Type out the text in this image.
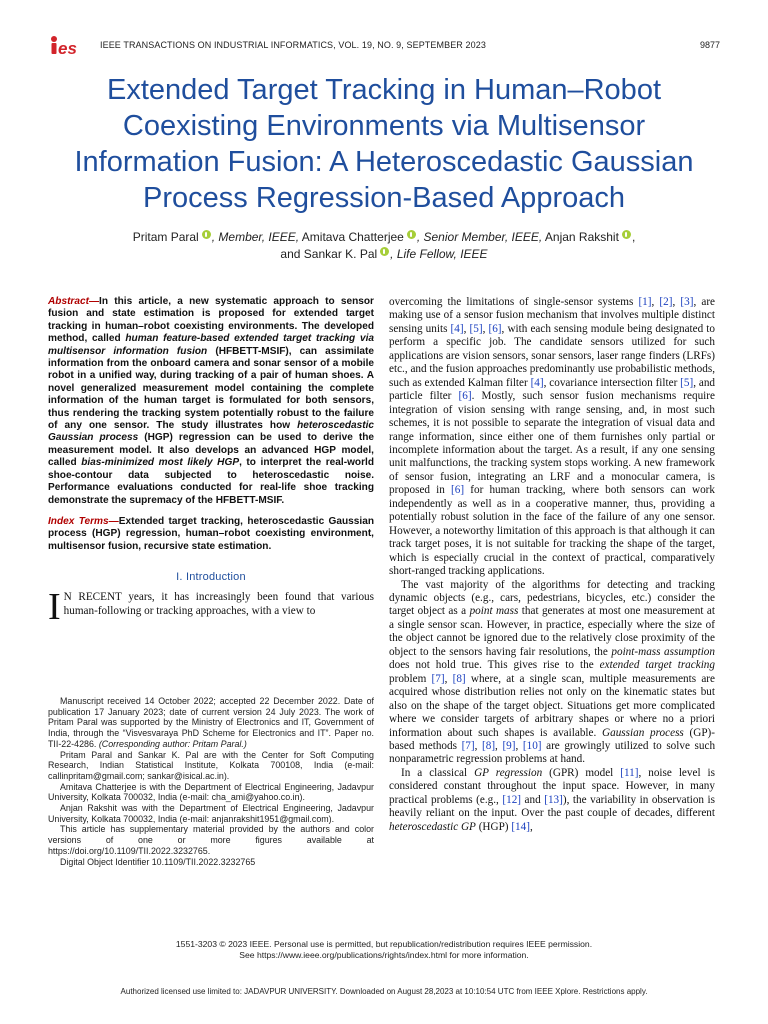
es	IEEE TRANSACTIONS ON INDUSTRIAL INFORMATICS, VOL. 19, NO. 9, SEPTEMBER 2023	9877
Extended Target Tracking in Human–Robot
Coexisting Environments via Multisensor
Information Fusion: A Heteroscedastic Gaussian
Process Regression-Based Approach
Pritam Paral , Member, IEEE, Amitava Chatterjee , Senior Member, IEEE, Anjan Rakshit ,
and Sankar K. Pal , Life Fellow, IEEE

Abstract—In this article, a new systematic approach to sensor fusion and state estimation is proposed for extended target tracking in human–robot coexisting environments. The developed method, called human feature-based extended target tracking via multisensor information fusion (HFBETT-MSIF), can assimilate information from the onboard camera and sonar sensor of a mobile robot in a unified way, during tracking of a pair of human shoes. A novel generalized measurement model containing the complete information of the human target is formulated for both sensors, thus rendering the tracking system potentially robust to the failure of any one sensor. The study illustrates how heteroscedastic Gaussian process (HGP) regression can be used to derive the measurement model. It also develops an advanced HGP model, called bias-minimized most likely HGP, to interpret the real-world shoe-contour data subjected to heteroscedastic noise. Performance evaluations conducted for real-life shoe tracking demonstrate the supremacy of the HFBETT-MSIF.

Index Terms—Extended target tracking, heteroscedastic Gaussian process (HGP) regression, human–robot coexisting environment, multisensor fusion, recursive state estimation.

I. Introduction

I N RECENT years, it has increasingly been found that various human-following or tracking approaches, with a view to

Manuscript received 14 October 2022; accepted 22 December 2022. Date of publication 17 January 2023; date of current version 24 July 2023. The work of Pritam Paral was supported by the Ministry of Electronics and IT, Government of India, through the “Visvesvaraya PhD Scheme for Electronics and IT”. Paper no. TII-22-4286. (Corresponding author: Pritam Paral.)

Pritam Paral and Sankar K. Pal are with the Center for Soft Computing Research, Indian Statistical Institute, Kolkata 700108, India (e-mail: callinpritam@gmail.com; sankar@isical.ac.in).

Amitava Chatterjee is with the Department of Electrical Engineering, Jadavpur University, Kolkata 700032, India (e-mail: cha_ami@yahoo.co.in).

Anjan Rakshit was with the Department of Electrical Engineering, Jadavpur University, Kolkata 700032, India (e-mail: anjanrakshit1951@gmail.com).

This article has supplementary material provided by the authors and color versions of one or more figures available at https://doi.org/10.1109/TII.2022.3232765.

Digital Object Identifier 10.1109/TII.2022.3232765

overcoming the limitations of single-sensor systems [1], [2], [3], are making use of a sensor fusion mechanism that involves multiple distinct sensing units [4], [5], [6], with each sensing module being designated to perform a specific job. The candidate sensors utilized for such applications are vision sensors, sonar sensors, laser range finders (LRFs) etc., and the fusion approaches predominantly use probabilistic methods, such as extended Kalman filter [4], covariance intersection filter [5], and particle filter [6]. Mostly, such sensor fusion mechanisms require integration of vision sensing with range sensing, and, in most such schemes, it is not possible to separate the integration of visual data and range information, since either one of them furnishes only partial or incomplete information about the target. As a result, if any one sensing unit malfunctions, the tracking system stops working. A new framework of sensor fusion, integrating an LRF and a monocular camera, is proposed in [6] for human tracking, where both sensors can work independently as well as in a cooperative manner, thus, providing a potentially robust solution in the face of the failure of any one sensor. However, a noteworthy limitation of this approach is that although it can track target poses, it is not suitable for tracking the shape of the target, which is especially crucial in the context of practical, comparatively short-ranged tracking applications.

The vast majority of the algorithms for detecting and tracking dynamic objects (e.g., cars, pedestrians, bicycles, etc.) consider the target object as a point mass that generates at most one measurement at a single sensor scan. However, in practice, especially where the size of the object cannot be ignored due to the relatively close proximity of the object to the sensors having fair resolutions, the point-mass assumption does not hold true. This gives rise to the extended target tracking problem [7], [8] where, at a single scan, multiple measurements are acquired whose distribution relies not only on the kinematic states but also on the shape of the target object. Situations get more complicated where we consider targets of arbitrary shapes or where no a priori information about such shapes is available. Gaussian process (GP)-based methods [7], [8], [9], [10] are growingly utilized to solve such nonparametric regression problems at hand.

In a classical GP regression (GPR) model [11], noise level is considered constant throughout the input space. However, in many practical problems (e.g., [12] and [13]), the variability in observation is heavily reliant on the input. Over the past couple of decades, different heteroscedastic GP (HGP) [14],

1551-3203 © 2023 IEEE. Personal use is permitted, but republication/redistribution requires IEEE permission.
See https://www.ieee.org/publications/rights/index.html for more information.
Authorized licensed use limited to: JADAVPUR UNIVERSITY. Downloaded on August 28,2023 at 10:10:54 UTC from IEEE Xplore. Restrictions apply.
